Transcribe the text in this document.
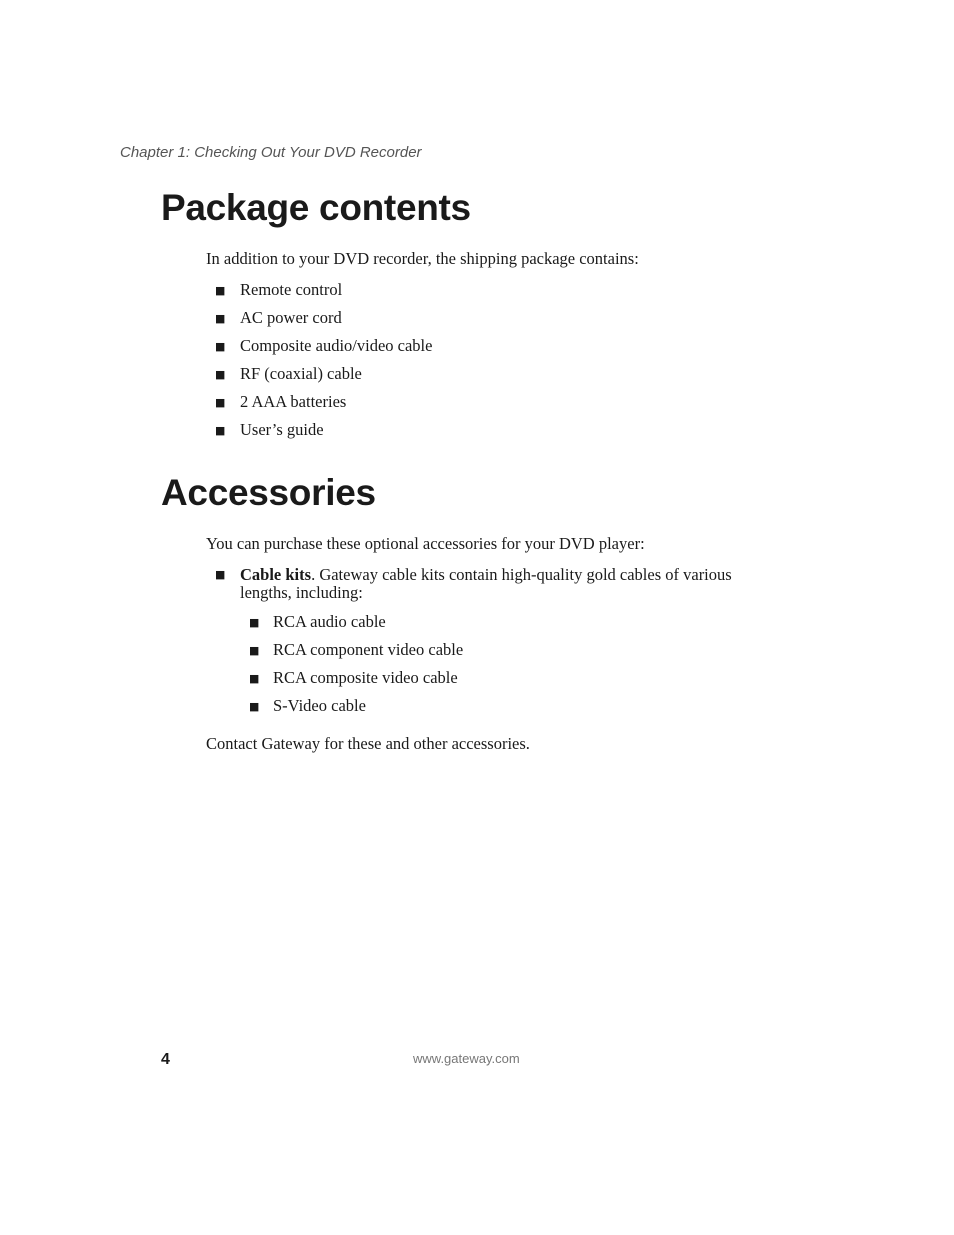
Chapter 1: Checking Out Your DVD Recorder
Package contents

In addition to your DVD recorder, the shipping package contains:

■ Remote control
■ AC power cord
■ Composite audio/video cable
■ RF (coaxial) cable
■ 2 AAA batteries
■ User’s guide
Accessories

You can purchase these optional accessories for your DVD player:

■ Cable kits. Gateway cable kits contain high-quality gold cables of various lengths, including:
■ RCA audio cable
■ RCA component video cable
■ RCA composite video cable
■ S-Video cable

Contact Gateway for these and other accessories.

4	www.gateway.com
